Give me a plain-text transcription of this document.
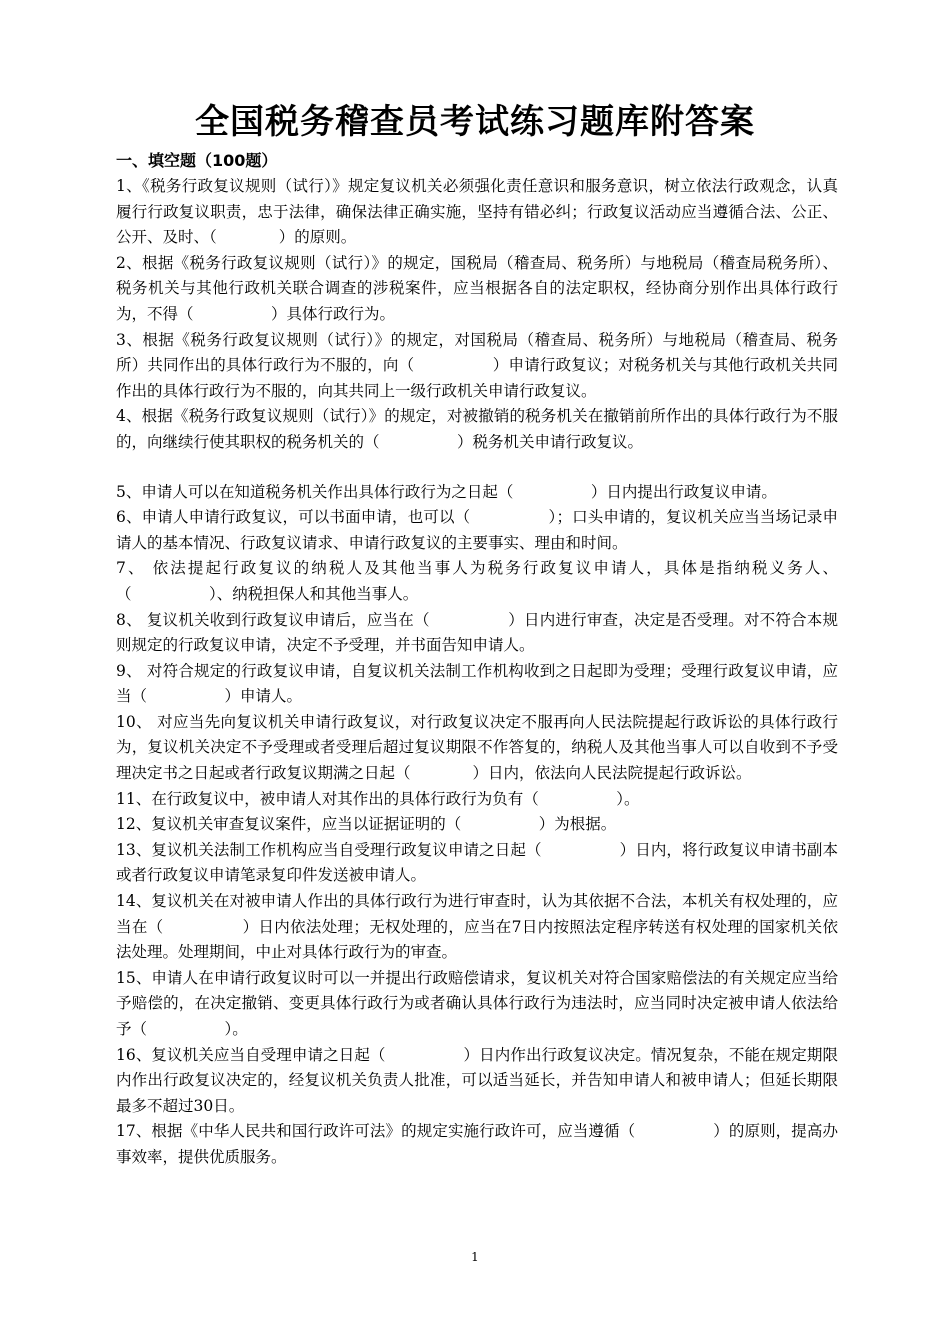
全国税务稽查员考试练习题库附答案
一、填空题（100题）

1、《税务行政复议规则（试行）》规定复议机关必须强化责任意识和服务意识，树立依法行政观念，认真履行行政复议职责，忠于法律，确保法律正确实施，坚持有错必纠；行政复议活动应当遵循合法、公正、公开、及时、（　　　　）的原则。

2、根据《税务行政复议规则（试行）》的规定，国税局（稽查局、税务所）与地税局（稽查局税务所）、税务机关与其他行政机关联合调查的涉税案件，应当根据各自的法定职权，经协商分别作出具体行政行为，不得（　　　　　）具体行政行为。

3、根据《税务行政复议规则（试行）》的规定，对国税局（稽查局、税务所）与地税局（稽查局、税务所）共同作出的具体行政行为不服的，向（　　　　　）申请行政复议；对税务机关与其他行政机关共同作出的具体行政行为不服的，向其共同上一级行政机关申请行政复议。

4、根据《税务行政复议规则（试行）》的规定，对被撤销的税务机关在撤销前所作出的具体行政行为不服的，向继续行使其职权的税务机关的（　　　　　）税务机关申请行政复议。

5、申请人可以在知道税务机关作出具体行政行为之日起（　　　　　）日内提出行政复议申请。

6、申请人申请行政复议，可以书面申请，也可以（　　　　　）；口头申请的，复议机关应当当场记录申请人的基本情况、行政复议请求、申请行政复议的主要事实、理由和时间。

7、 依法提起行政复议的纳税人及其他当事人为税务行政复议申请人，具体是指纳税义务人、（　　　　　）、纳税担保人和其他当事人。

8、 复议机关收到行政复议申请后，应当在（　　　　　）日内进行审查，决定是否受理。对不符合本规则规定的行政复议申请，决定不予受理，并书面告知申请人。

9、 对符合规定的行政复议申请，自复议机关法制工作机构收到之日起即为受理；受理行政复议申请，应当（　　　　　）申请人。

10、 对应当先向复议机关申请行政复议，对行政复议决定不服再向人民法院提起行政诉讼的具体行政行为，复议机关决定不予受理或者受理后超过复议期限不作答复的，纳税人及其他当事人可以自收到不予受理决定书之日起或者行政复议期满之日起（　　　　）日内，依法向人民法院提起行政诉讼。

11、在行政复议中，被申请人对其作出的具体行政行为负有（　　　　　）。

12、复议机关审查复议案件，应当以证据证明的（　　　　　）为根据。

13、复议机关法制工作机构应当自受理行政复议申请之日起（　　　　　）日内，将行政复议申请书副本或者行政复议申请笔录复印件发送被申请人。

14、复议机关在对被申请人作出的具体行政行为进行审查时，认为其依据不合法，本机关有权处理的，应当在（　　　　　）日内依法处理；无权处理的，应当在7日内按照法定程序转送有权处理的国家机关依法处理。处理期间，中止对具体行政行为的审查。

15、申请人在申请行政复议时可以一并提出行政赔偿请求，复议机关对符合国家赔偿法的有关规定应当给予赔偿的，在决定撤销、变更具体行政行为或者确认具体行政行为违法时，应当同时决定被申请人依法给予（　　　　　）。

16、复议机关应当自受理申请之日起（　　　　　）日内作出行政复议决定。情况复杂，不能在规定期限内作出行政复议决定的，经复议机关负责人批准，可以适当延长，并告知申请人和被申请人；但延长期限最多不超过30日。

17、根据《中华人民共和国行政许可法》的规定实施行政许可，应当遵循（　　　　　）的原则，提高办事效率，提供优质服务。

1
